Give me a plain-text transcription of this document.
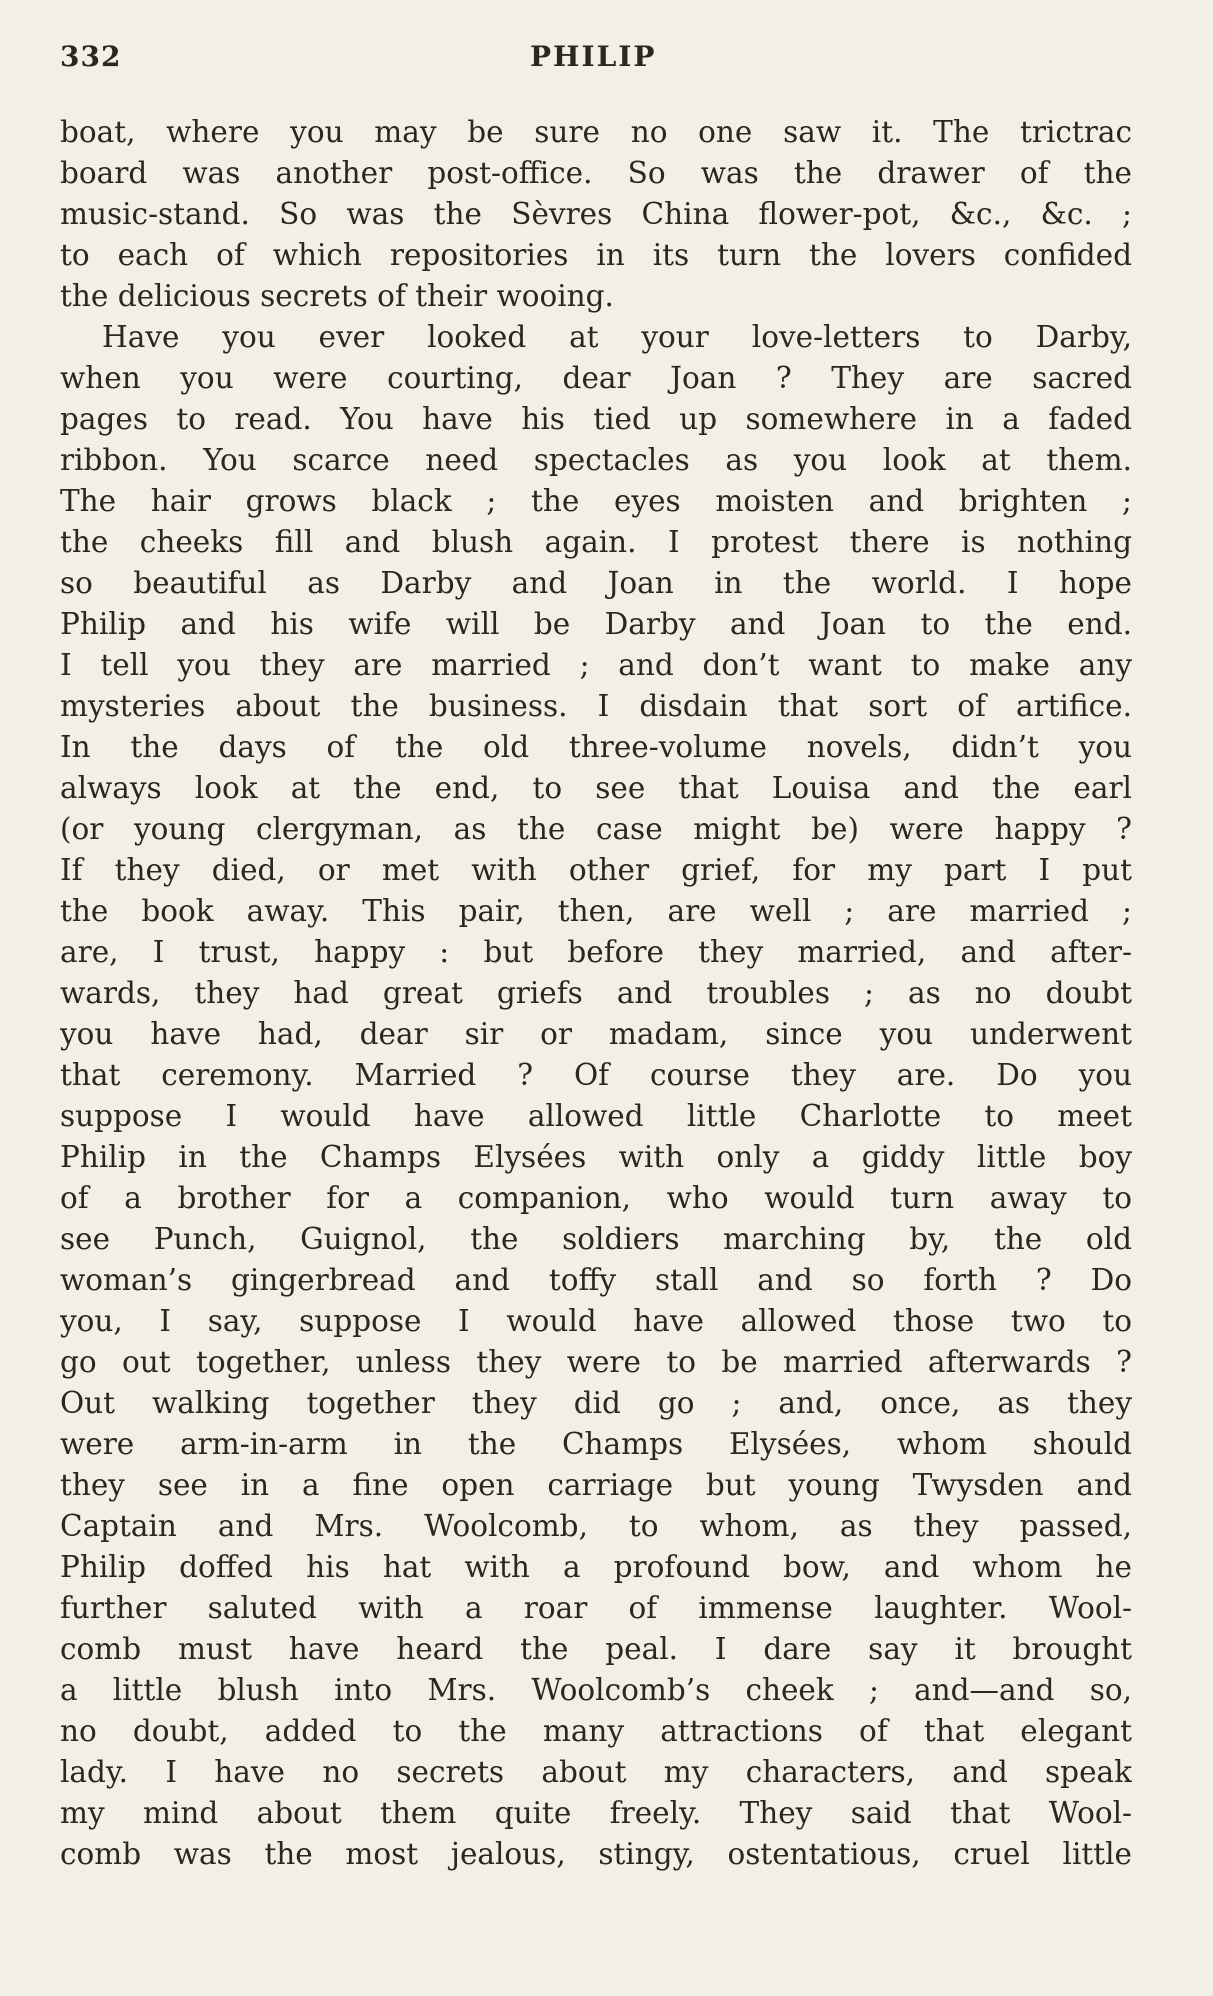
332	PHILIP
boat, where you may be sure no one saw it. The trictrac
board was another post-office. So was the drawer of the
music-stand. So was the Sèvres China flower-pot, &c., &c. ;
to each of which repositories in its turn the lovers confided
the delicious secrets of their wooing.
Have you ever looked at your love-letters to Darby,
when you were courting, dear Joan ? They are sacred
pages to read. You have his tied up somewhere in a faded
ribbon. You scarce need spectacles as you look at them.
The hair grows black ; the eyes moisten and brighten ;
the cheeks fill and blush again. I protest there is nothing
so beautiful as Darby and Joan in the world. I hope
Philip and his wife will be Darby and Joan to the end.
I tell you they are married ; and don’t want to make any
mysteries about the business. I disdain that sort of artifice.
In the days of the old three-volume novels, didn’t you
always look at the end, to see that Louisa and the earl
(or young clergyman, as the case might be) were happy ?
If they died, or met with other grief, for my part I put
the book away. This pair, then, are well ; are married ;
are, I trust, happy : but before they married, and after-
wards, they had great griefs and troubles ; as no doubt
you have had, dear sir or madam, since you underwent
that ceremony. Married ? Of course they are. Do you
suppose I would have allowed little Charlotte to meet
Philip in the Champs Elysées with only a giddy little boy
of a brother for a companion, who would turn away to
see Punch, Guignol, the soldiers marching by, the old
woman’s gingerbread and toffy stall and so forth ? Do
you, I say, suppose I would have allowed those two to
go out together, unless they were to be married afterwards ?
Out walking together they did go ; and, once, as they
were arm-in-arm in the Champs Elysées, whom should
they see in a fine open carriage but young Twysden and
Captain and Mrs. Woolcomb, to whom, as they passed,
Philip doffed his hat with a profound bow, and whom he
further saluted with a roar of immense laughter. Wool-
comb must have heard the peal. I dare say it brought
a little blush into Mrs. Woolcomb’s cheek ; and—and so,
no doubt, added to the many attractions of that elegant
lady. I have no secrets about my characters, and speak
my mind about them quite freely. They said that Wool-
comb was the most jealous, stingy, ostentatious, cruel little
